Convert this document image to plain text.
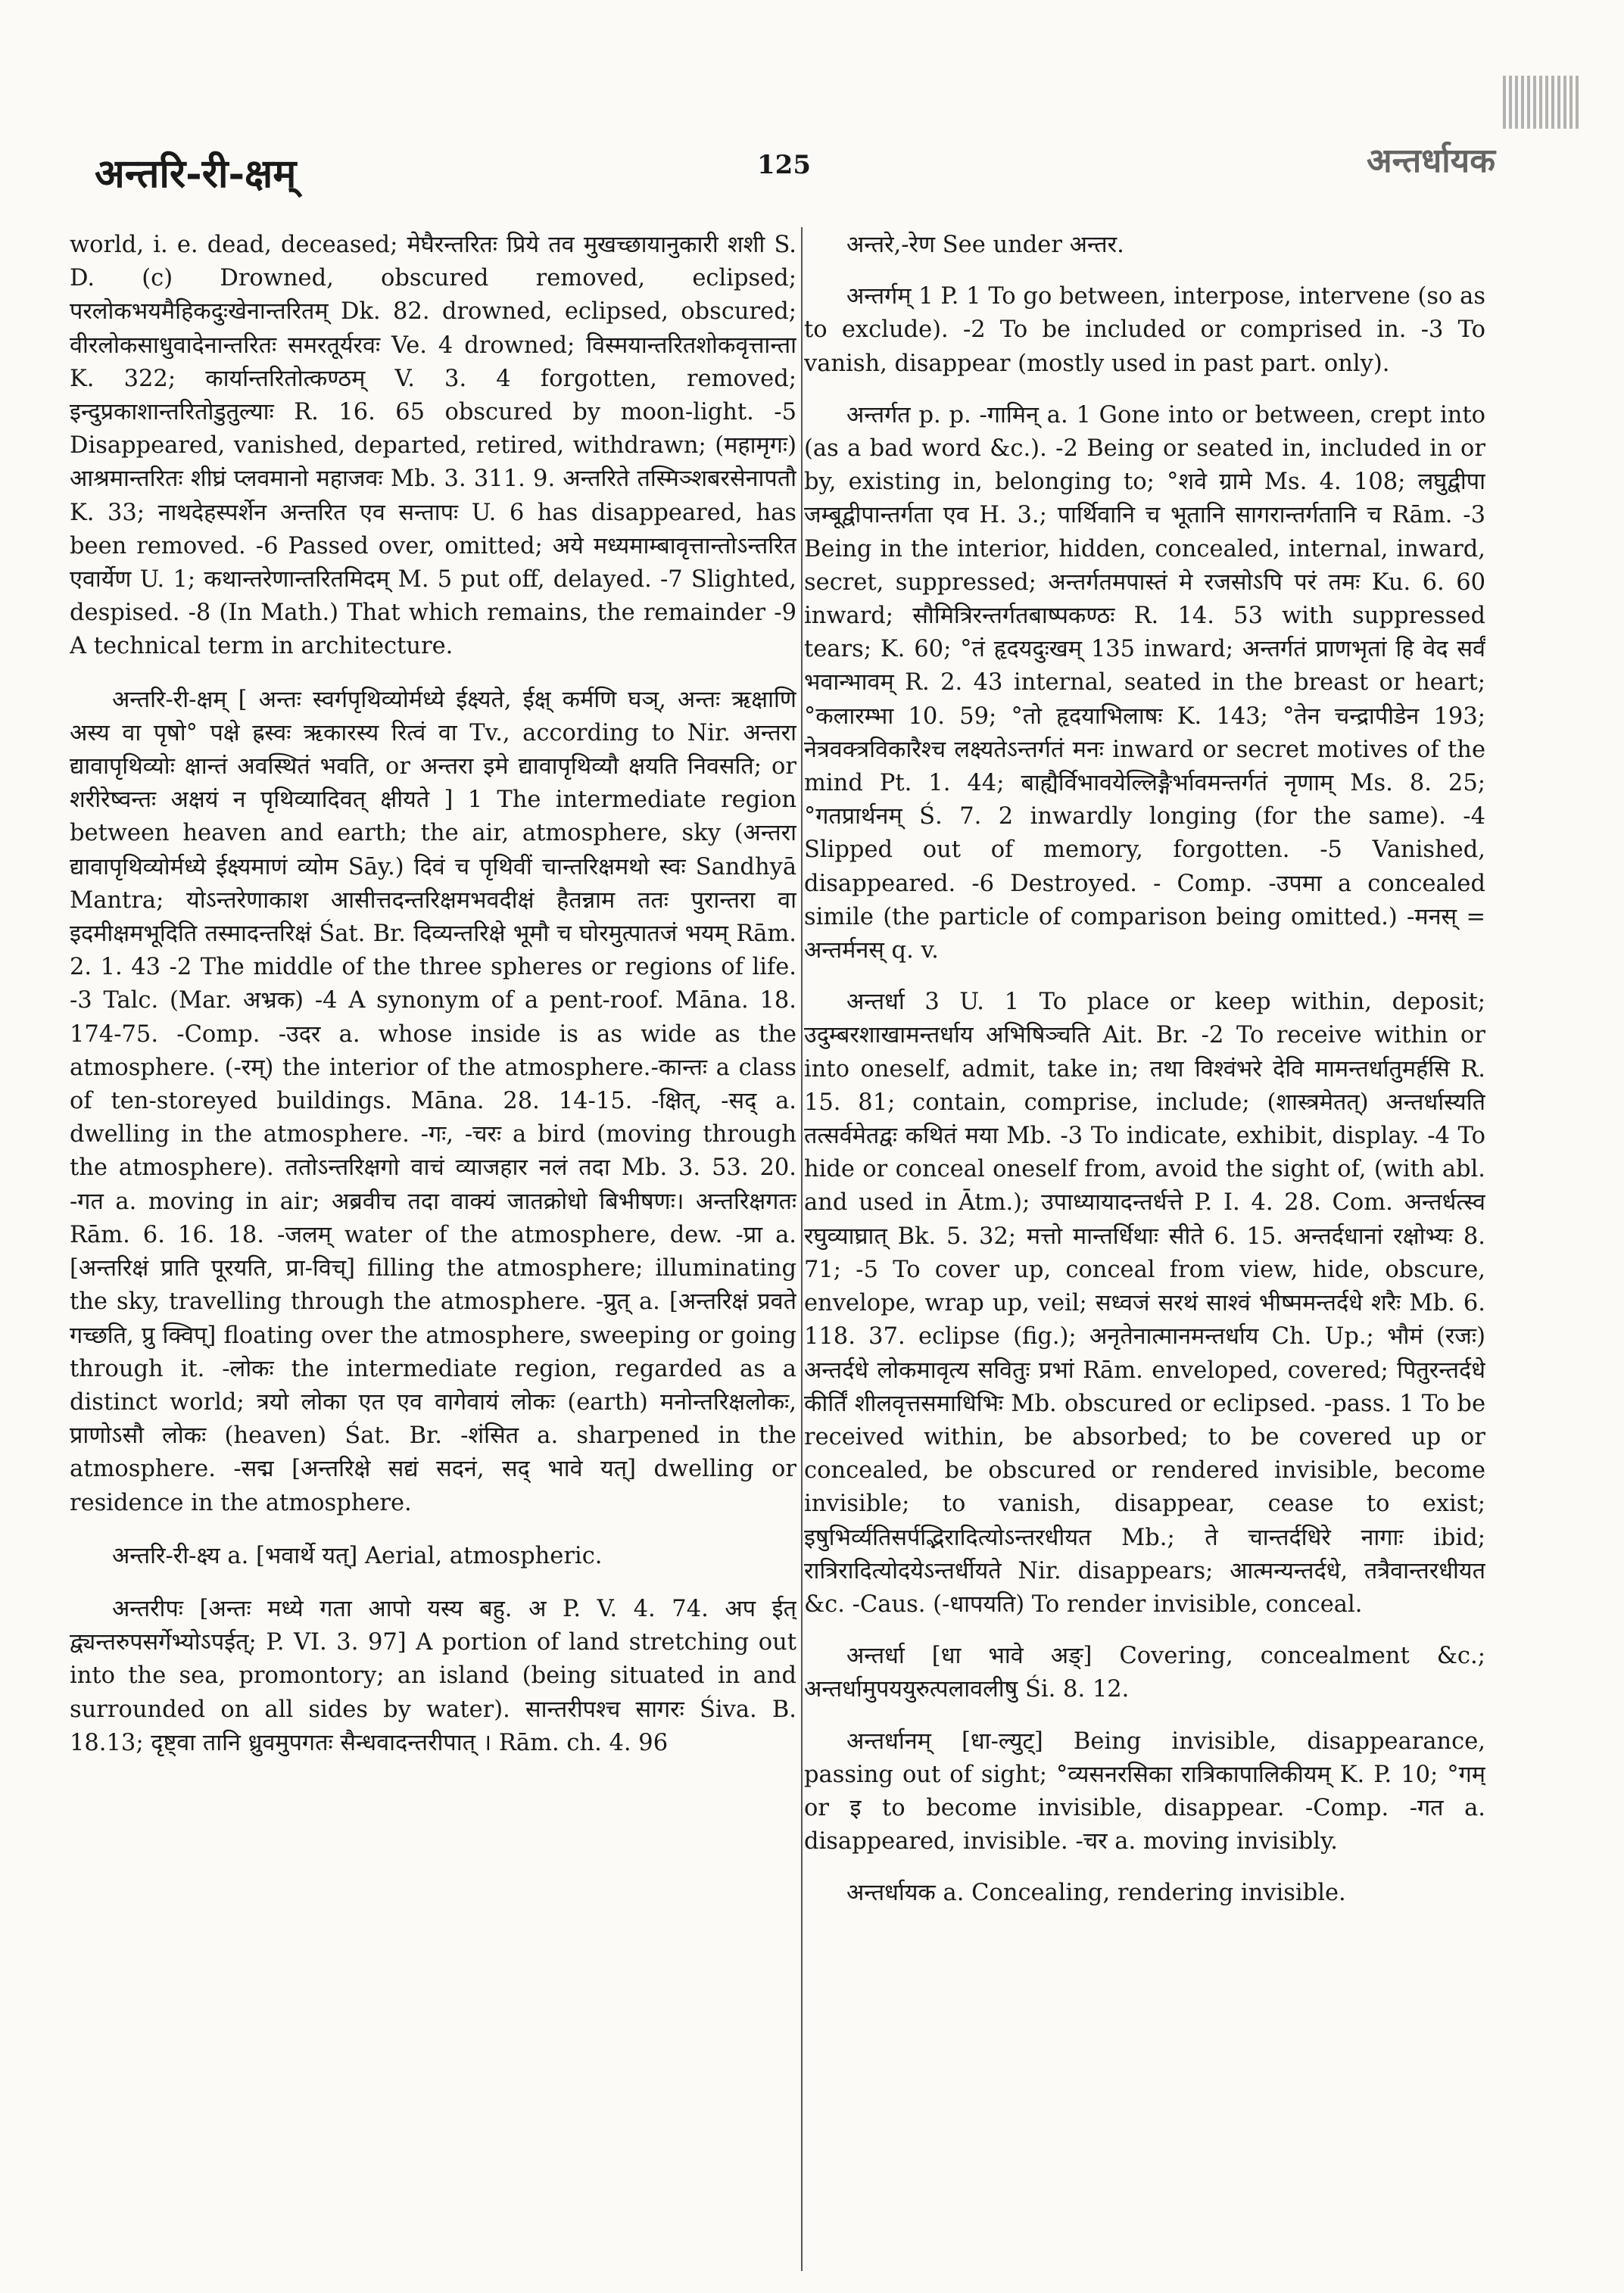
अन्तरि-री-क्षम्	125	अन्तर्धायक

world, i. e. dead, deceased; मेघैरन्तरितः प्रिये तव मुखच्छायानुकारी शशी S. D. (c) Drowned, obscured removed, eclipsed; परलोकभयमैहिकदुःखेनान्तरितम् Dk. 82. drowned, eclipsed, obscured; वीरलोकसाधुवादेनान्तरितः समरतूर्यरवः Ve. 4 drowned; विस्मयान्तरितशोकवृत्तान्ता K. 322; कार्यान्तरितोत्कण्ठम् V. 3. 4 forgotten, removed; इन्दुप्रकाशान्तरितोडुतुल्याः R. 16. 65 obscured by moon-light. -5 Disappeared, vanished, departed, retired, withdrawn; (महामृगः) आश्रमान्तरितः शीघ्रं प्लवमानो महाजवः Mb. 3. 311. 9. अन्तरिते तस्मिञ्शबरसेनापतौ K. 33; नाथदेहस्पर्शेन अन्तरित एव सन्तापः U. 6 has disappeared, has been removed. -6 Passed over, omitted; अये मध्यमाम्बावृत्तान्तोऽन्तरित एवार्येण U. 1; कथान्तरेणान्तरितमिदम् M. 5 put off, delayed. -7 Slighted, despised. -8 (In Math.) That which remains, the remainder -9 A technical term in architecture.

अन्तरि-री-क्षम् [ अन्तः स्वर्गपृथिव्योर्मध्ये ईक्ष्यते, ईक्ष् कर्मणि घञ्, अन्तः ऋक्षाणि अस्य वा पृषो° पक्षे ह्रस्वः ऋकारस्य रित्वं वा Tv., according to Nir. अन्तरा द्यावापृथिव्योः क्षान्तं अवस्थितं भवति, or अन्तरा इमे द्यावापृथिव्यौ क्षयति निवसति; or शरीरेष्वन्तः अक्षयं न पृथिव्यादिवत् क्षीयते ] 1 The intermediate region between heaven and earth; the air, atmosphere, sky (अन्तरा द्यावापृथिव्योर्मध्ये ईक्ष्यमाणं व्योम Sāy.) दिवं च पृथिवीं चान्तरिक्षमथो स्वः Sandhyā Mantra; योऽन्तरेणाकाश आसीत्तदन्तरिक्षमभवदीक्षं हैतन्नाम ततः पुरान्तरा वा इदमीक्षमभूदिति तस्मादन्तरिक्षं Śat. Br. दिव्यन्तरिक्षे भूमौ च घोरमुत्पातजं भयम् Rām. 2. 1. 43 -2 The middle of the three spheres or regions of life. -3 Talc. (Mar. अभ्रक) -4 A synonym of a pent-roof. Māna. 18. 174-75. -Comp. -उदर a. whose inside is as wide as the atmosphere. (-रम्) the interior of the atmosphere.-कान्तः a class of ten-storeyed buildings. Māna. 28. 14-15. -क्षित्, -सद् a. dwelling in the atmosphere. -गः, -चरः a bird (moving through the atmosphere). ततोऽन्तरिक्षगो वाचं व्याजहार नलं तदा Mb. 3. 53. 20. -गत a. moving in air; अब्रवीच तदा वाक्यं जातक्रोधो बिभीषणः। अन्तरिक्षगतः Rām. 6. 16. 18. -जलम् water of the atmosphere, dew. -प्रा a. [अन्तरिक्षं प्राति पूरयति, प्रा-विच्] filling the atmosphere; illuminating the sky, travelling through the atmosphere. -प्रुत् a. [अन्तरिक्षं प्रवते गच्छति, प्रु क्विप्] floating over the atmosphere, sweeping or going through it. -लोकः the intermediate region, regarded as a distinct world; त्रयो लोका एत एव वागेवायं लोकः (earth) मनोन्तरिक्षलोकः, प्राणोऽसौ लोकः (heaven) Śat. Br. -शंसित a. sharpened in the atmosphere. -सद्म [अन्तरिक्षे सद्यं सदनं, सद् भावे यत्] dwelling or residence in the atmosphere.

अन्तरि-री-क्ष्य a. [भवार्थे यत्] Aerial, atmospheric.

अन्तरीपः [अन्तः मध्ये गता आपो यस्य बहु. अ P. V. 4. 74. अप ईत् द्व्यन्तरुपसर्गेभ्योऽपईत्; P. VI. 3. 97] A portion of land stretching out into the sea, promontory; an island (being situated in and surrounded on all sides by water). सान्तरीपश्च सागरः Śiva. B. 18.13; दृष्ट्वा तानि ध्रुवमुपगतः सैन्धवादन्तरीपात् । Rām. ch. 4. 96

अन्तरे,-रेण See under अन्तर.

अन्तर्गम् 1 P. 1 To go between, interpose, intervene (so as to exclude). -2 To be included or comprised in. -3 To vanish, disappear (mostly used in past part. only).

अन्तर्गत p. p. -गामिन् a. 1 Gone into or between, crept into (as a bad word &c.). -2 Being or seated in, included in or by, existing in, belonging to; °शवे ग्रामे Ms. 4. 108; लघुद्वीपा जम्बूद्वीपान्तर्गता एव H. 3.; पार्थिवानि च भूतानि सागरान्तर्गतानि च Rām. -3 Being in the interior, hidden, concealed, internal, inward, secret, suppressed; अन्तर्गतमपास्तं मे रजसोऽपि परं तमः Ku. 6. 60 inward; सौमित्रिरन्तर्गतबाष्पकण्ठः R. 14. 53 with suppressed tears; K. 60; °तं हृदयदुःखम् 135 inward; अन्तर्गतं प्राणभृतां हि वेद सर्वं भवान्भावम् R. 2. 43 internal, seated in the breast or heart; °कलारम्भा 10. 59; °तो हृदयाभिलाषः K. 143; °तेन चन्द्रापीडेन 193; नेत्रवक्त्रविकारैश्च लक्ष्यतेऽन्तर्गतं मनः inward or secret motives of the mind Pt. 1. 44; बाह्यैर्विभावयेल्लिङ्गैर्भावमन्तर्गतं नृणाम् Ms. 8. 25; °गतप्रार्थनम् Ś. 7. 2 inwardly longing (for the same). -4 Slipped out of memory, forgotten. -5 Vanished, disappeared. -6 Destroyed. - Comp. -उपमा a concealed simile (the particle of comparison being omitted.) -मनस् = अन्तर्मनस् q. v.

अन्तर्धा 3 U. 1 To place or keep within, deposit; उदुम्बरशाखामन्तर्धाय अभिषिञ्चति Ait. Br. -2 To receive within or into oneself, admit, take in; तथा विश्वंभरे देवि मामन्तर्धातुमर्हसि R. 15. 81; contain, comprise, include; (शास्त्रमेतत्) अन्तर्धास्यति तत्सर्वमेतद्वः कथितं मया Mb. -3 To indicate, exhibit, display. -4 To hide or conceal oneself from, avoid the sight of, (with abl. and used in Ātm.); उपाध्यायादन्तर्धत्ते P. I. 4. 28. Com. अन्तर्धत्स्व रघुव्याघ्रात् Bk. 5. 32; मत्तो मान्तर्धिथाः सीते 6. 15. अन्तर्दधानां रक्षोभ्यः 8. 71; -5 To cover up, conceal from view, hide, obscure, envelope, wrap up, veil; सध्वजं सरथं साश्वं भीष्ममन्तर्दधे शरैः Mb. 6. 118. 37. eclipse (fig.); अनृतेनात्मानमन्तर्धाय Ch. Up.; भौमं (रजः) अन्तर्दधे लोकमावृत्य सवितुः प्रभां Rām. enveloped, covered; पितुरन्तर्दधे कीर्तिं शीलवृत्तसमाधिभिः Mb. obscured or eclipsed. -pass. 1 To be received within, be absorbed; to be covered up or concealed, be obscured or rendered invisible, become invisible; to vanish, disappear, cease to exist; इषुभिर्व्यतिसर्पद्भिरादित्योऽन्तरधीयत Mb.; ते चान्तर्दधिरे नागाः ibid; रात्रिरादित्योदयेऽन्तर्धीयते Nir. disappears; आत्मन्यन्तर्दधे, तत्रैवान्तरधीयत &c. -Caus. (-धापयति) To render invisible, conceal.

अन्तर्धा [धा भावे अङ्] Covering, concealment &c.; अन्तर्धामुपययुरुत्पलावलीषु Śi. 8. 12.

अन्तर्धानम् [धा-ल्युट्] Being invisible, disappearance, passing out of sight; °व्यसनरसिका रात्रिकापालिकीयम् K. P. 10; °गम् or इ to become invisible, disappear. -Comp. -गत a. disappeared, invisible. -चर a. moving invisibly.

अन्तर्धायक a. Concealing, rendering invisible.
